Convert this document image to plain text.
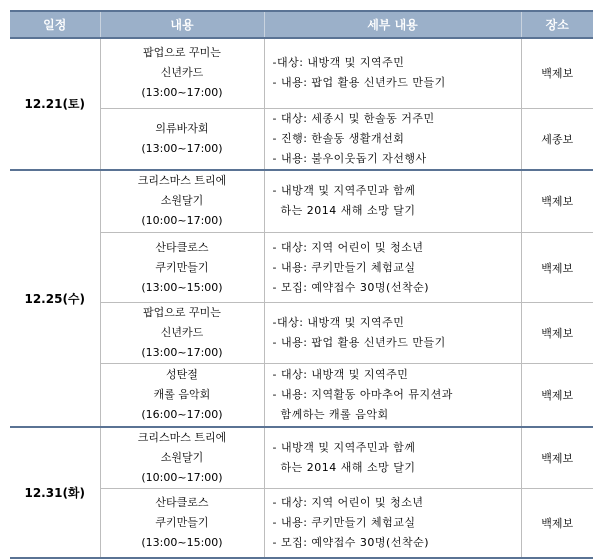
일정	내용	세부 내용	장소
12.21(토)	팝업으로 꾸미는
신년카드
(13:00~17:00)	-대상: 내방객 및 지역주민
- 내용: 팝업 활용 신년카드 만들기	백제보

	의류바자회
(13:00~17:00)	- 대상: 세종시 및 한솔동 거주민
- 진행: 한솔동 생활개선회
- 내용: 불우이웃돕기 자선행사	세종보
12.25(수)	크리스마스 트리에
소원달기
(10:00~17:00)	- 내방객 및 지역주민과 함께
하는 2014 새해 소망 달기	백제보

	산타클로스
쿠키만들기
(13:00~15:00)	- 대상: 지역 어린이 및 청소년
- 내용: 쿠키만들기 체험교실
- 모집: 예약접수 30명(선착순)	백제보

	팝업으로 꾸미는
신년카드
(13:00~17:00)	-대상: 내방객 및 지역주민
- 내용: 팝업 활용 신년카드 만들기	백제보

	성탄절
캐롤 음악회
(16:00~17:00)	- 대상: 내방객 및 지역주민
- 내용: 지역활동 아마추어 뮤지션과
함께하는 캐롤 음악회	백제보
12.31(화)	크리스마스 트리에
소원달기
(10:00~17:00)	- 내방객 및 지역주민과 함께
하는 2014 새해 소망 달기	백제보

	산타클로스
쿠키만들기
(13:00~15:00)	- 대상: 지역 어린이 및 청소년
- 내용: 쿠키만들기 체험교실
- 모집: 예약접수 30명(선착순)	백제보
